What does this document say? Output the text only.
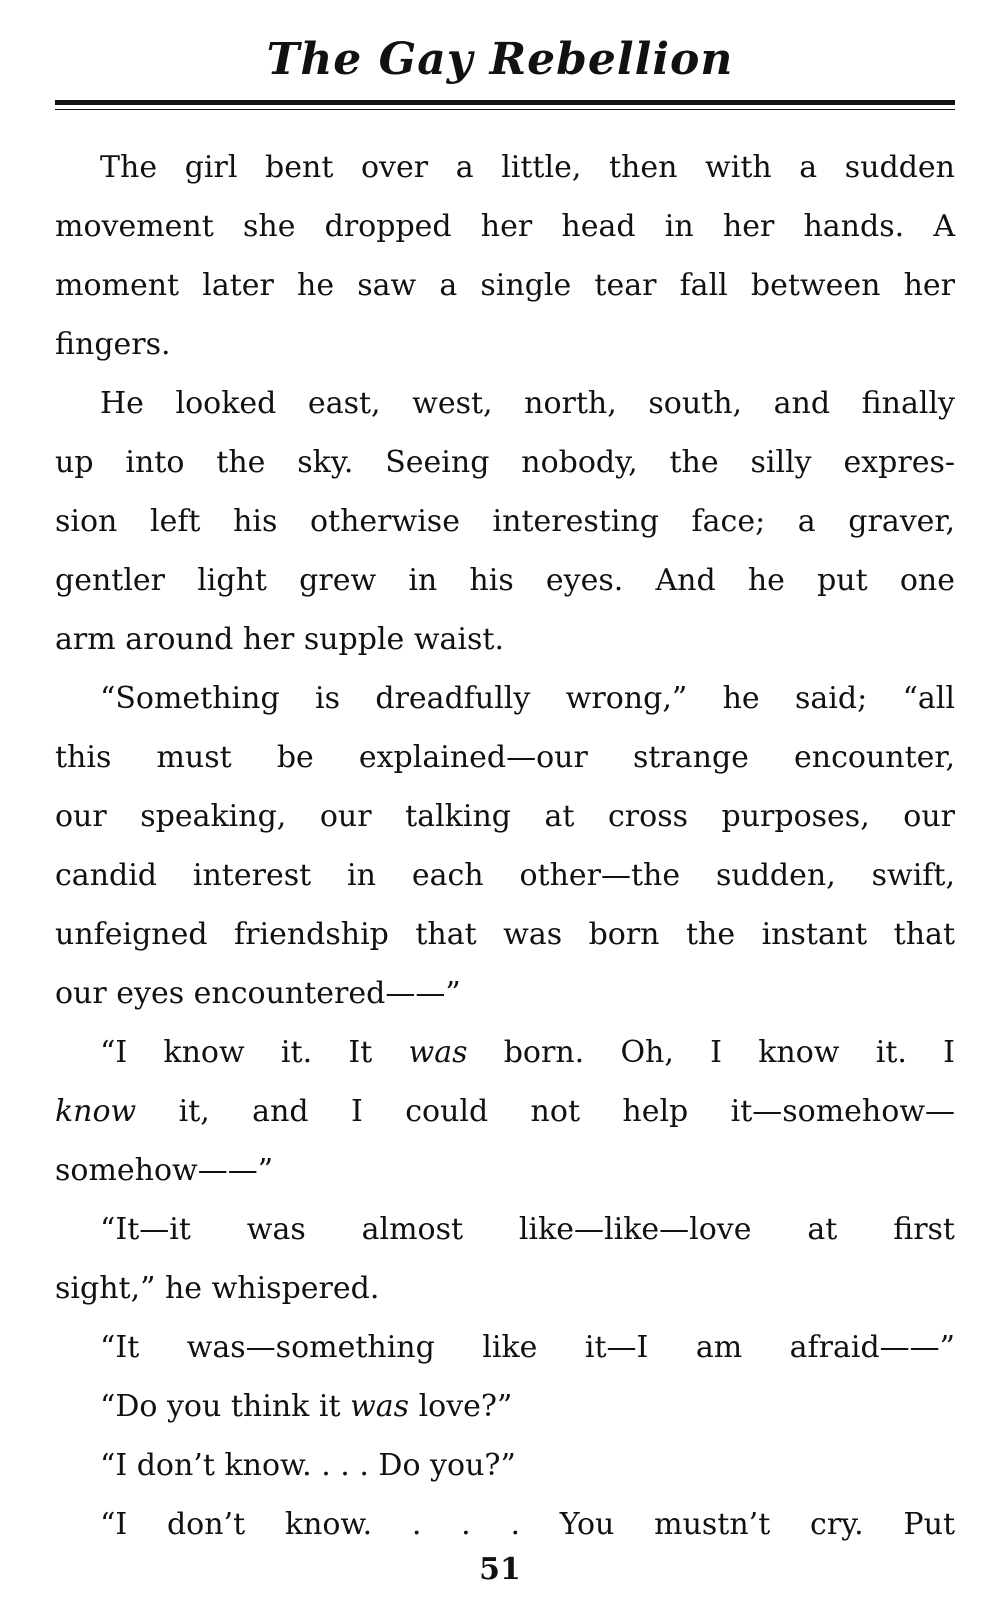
The Gay Rebellion
The girl bent over a little, then with a sudden
movement she dropped her head in her hands. A
moment later he saw a single tear fall between her
fingers.
He looked east, west, north, south, and finally
up into the sky. Seeing nobody, the silly expres-
sion left his otherwise interesting face; a graver,
gentler light grew in his eyes. And he put one
arm around her supple waist.
“Something is dreadfully wrong,” he said; “all
this must be explained—our strange encounter,
our speaking, our talking at cross purposes, our
candid interest in each other—the sudden, swift,
unfeigned friendship that was born the instant that
our eyes encountered——”
“I know it. It was born. Oh, I know it. I
know it, and I could not help it—somehow—
somehow——”
“It—it was almost like—like—love at first
sight,” he whispered.
“It was—something like it—I am afraid——”
“Do you think it was love?”
“I don’t know. . . . Do you?”
“I don’t know. . . . You mustn’t cry. Put
51
